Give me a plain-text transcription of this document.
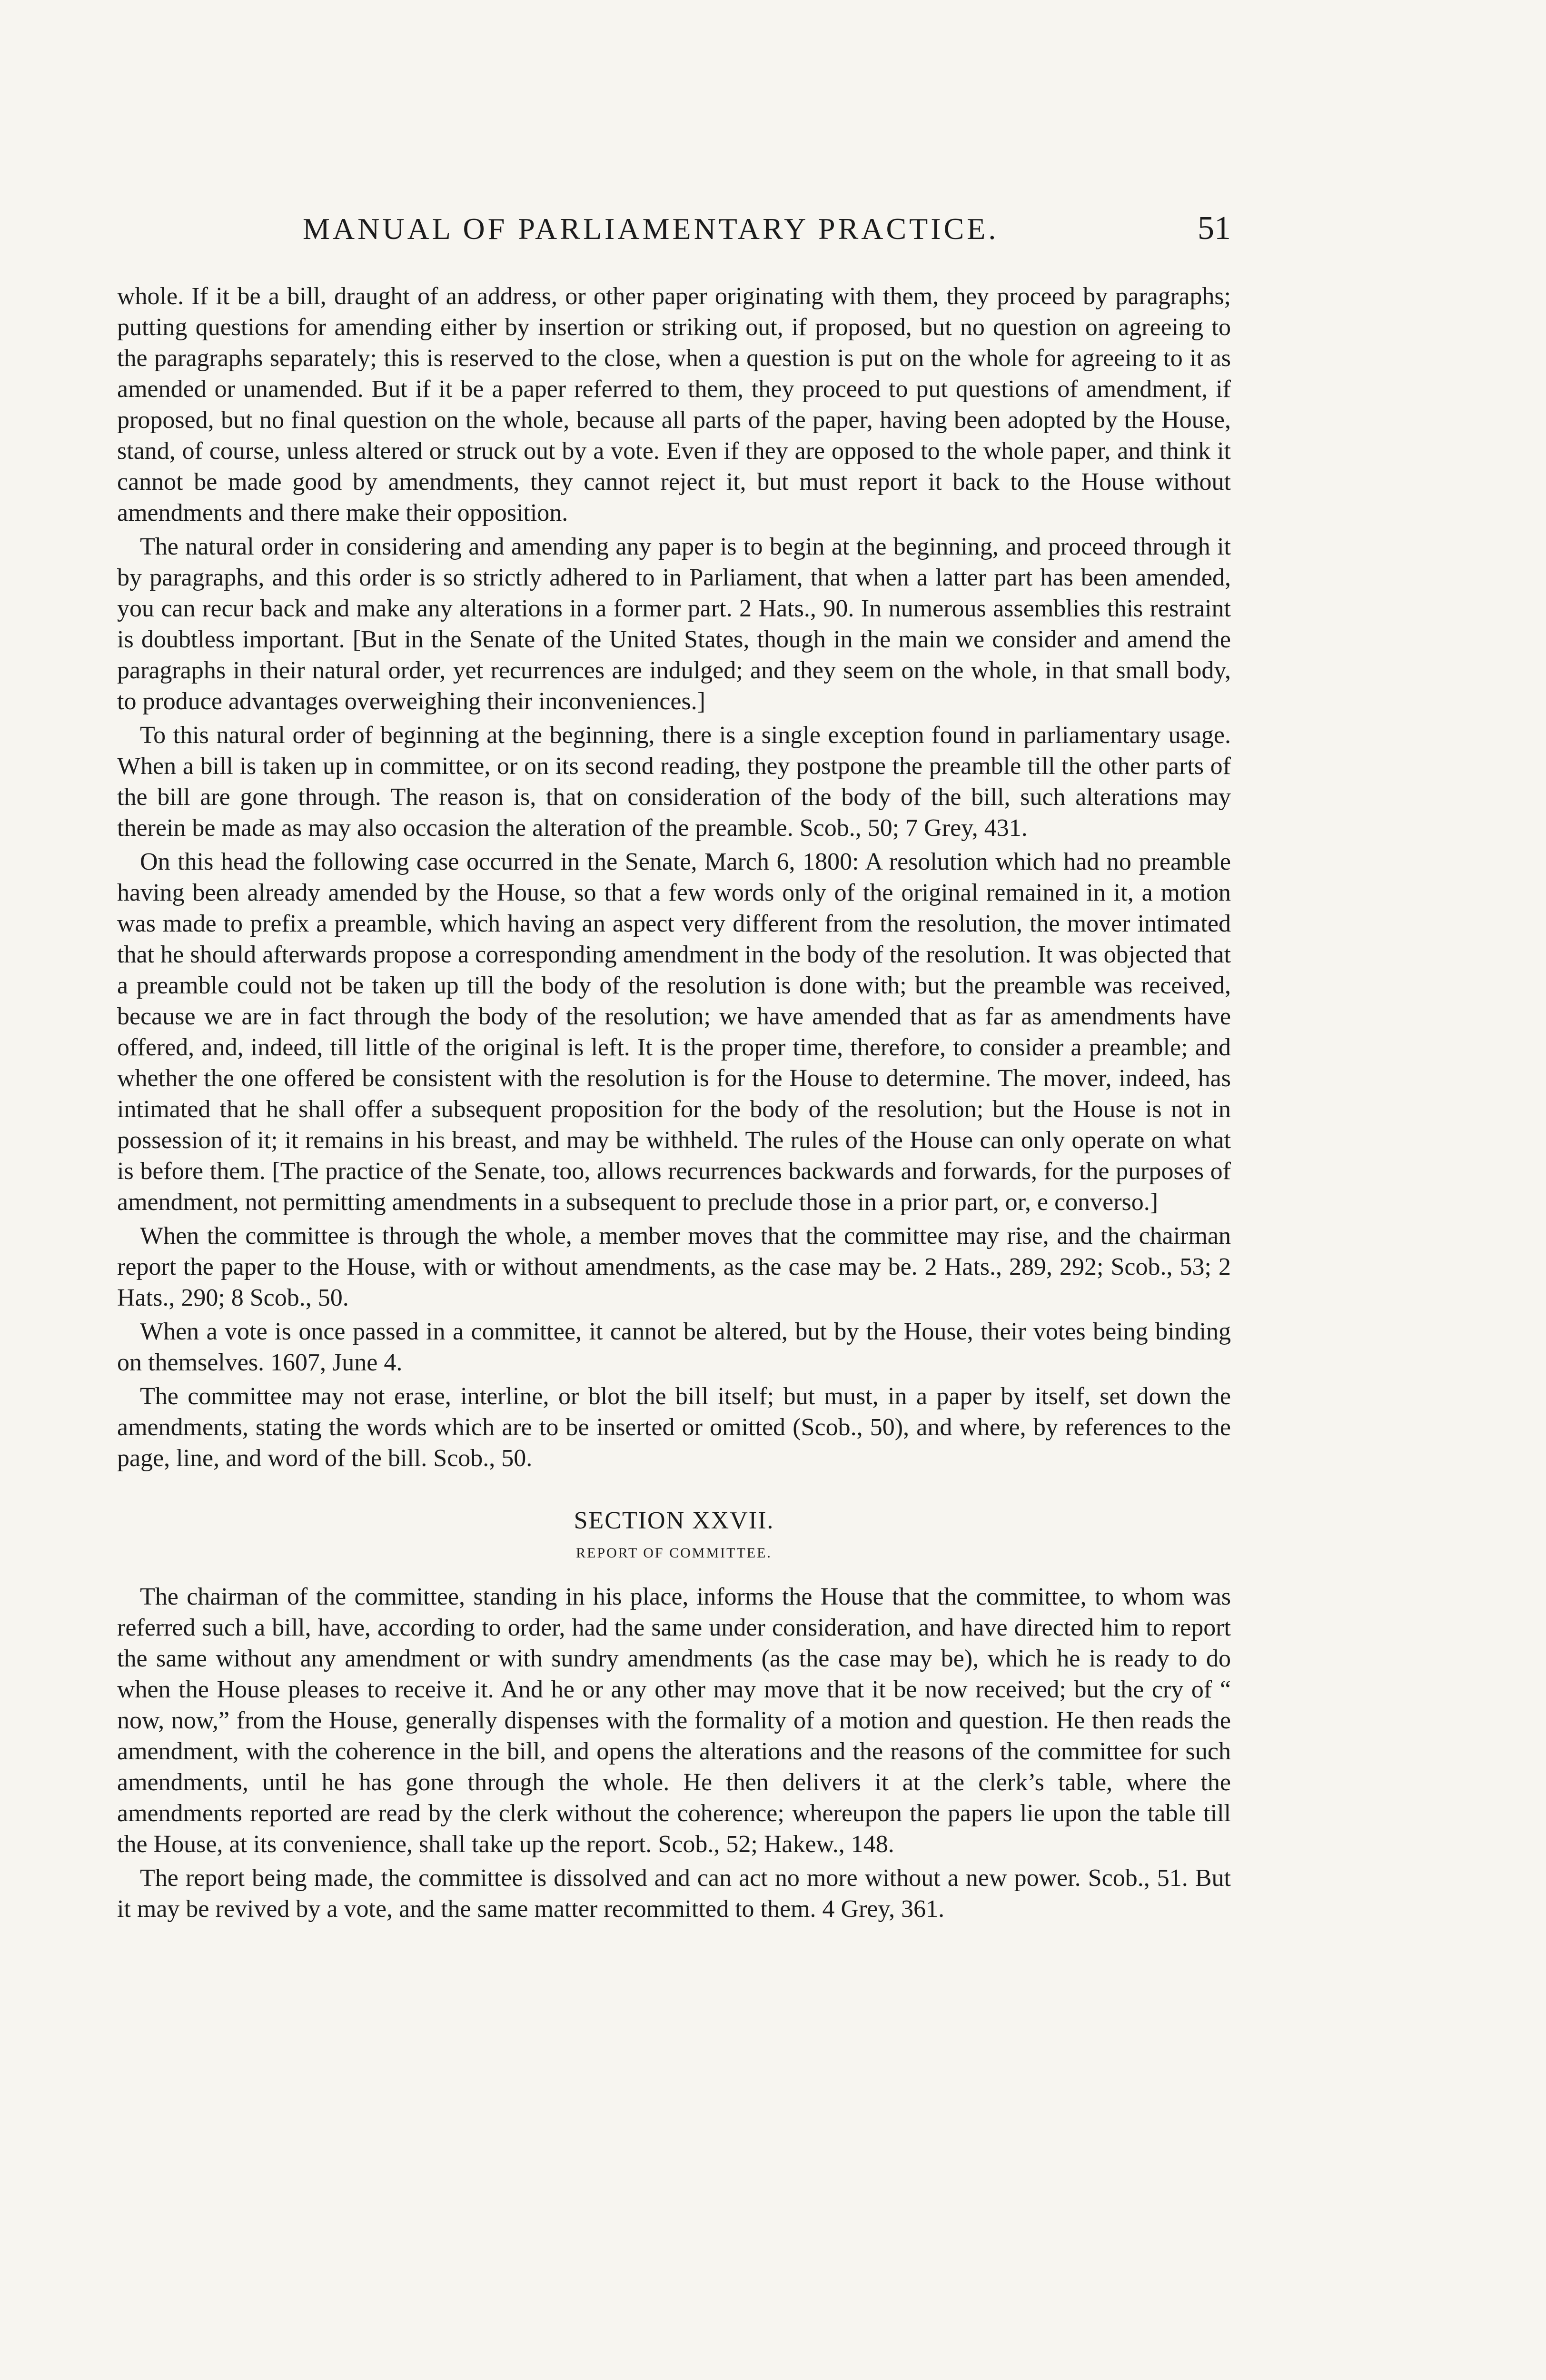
MANUAL OF PARLIAMENTARY PRACTICE.	51

whole. If it be a bill, draught of an address, or other paper originating with them, they proceed by paragraphs; putting questions for amending either by insertion or striking out, if proposed, but no question on agreeing to the paragraphs separately; this is reserved to the close, when a question is put on the whole for agreeing to it as amended or unamended. But if it be a paper referred to them, they proceed to put questions of amendment, if proposed, but no final question on the whole, because all parts of the paper, having been adopted by the House, stand, of course, unless altered or struck out by a vote. Even if they are opposed to the whole paper, and think it cannot be made good by amendments, they cannot reject it, but must report it back to the House without amendments and there make their opposition.

The natural order in considering and amending any paper is to begin at the beginning, and proceed through it by paragraphs, and this order is so strictly adhered to in Parliament, that when a latter part has been amended, you can recur back and make any alterations in a former part. 2 Hats., 90. In numerous assemblies this restraint is doubtless important. [But in the Senate of the United States, though in the main we consider and amend the paragraphs in their natural order, yet recurrences are indulged; and they seem on the whole, in that small body, to produce advantages overweighing their inconveniences.]

To this natural order of beginning at the beginning, there is a single exception found in parliamentary usage. When a bill is taken up in committee, or on its second reading, they postpone the preamble till the other parts of the bill are gone through. The reason is, that on consideration of the body of the bill, such alterations may therein be made as may also occasion the alteration of the preamble. Scob., 50; 7 Grey, 431.

On this head the following case occurred in the Senate, March 6, 1800: A resolution which had no preamble having been already amended by the House, so that a few words only of the original remained in it, a motion was made to prefix a preamble, which having an aspect very different from the resolution, the mover intimated that he should afterwards propose a corresponding amendment in the body of the resolution. It was objected that a preamble could not be taken up till the body of the resolution is done with; but the preamble was received, because we are in fact through the body of the resolution; we have amended that as far as amendments have offered, and, indeed, till little of the original is left. It is the proper time, therefore, to consider a preamble; and whether the one offered be consistent with the resolution is for the House to determine. The mover, indeed, has intimated that he shall offer a subsequent proposition for the body of the resolution; but the House is not in possession of it; it remains in his breast, and may be withheld. The rules of the House can only operate on what is before them. [The practice of the Senate, too, allows recurrences backwards and forwards, for the purposes of amendment, not permitting amendments in a subsequent to preclude those in a prior part, or, e converso.]

When the committee is through the whole, a member moves that the committee may rise, and the chairman report the paper to the House, with or without amendments, as the case may be. 2 Hats., 289, 292; Scob., 53; 2 Hats., 290; 8 Scob., 50.

When a vote is once passed in a committee, it cannot be altered, but by the House, their votes being binding on themselves. 1607, June 4.

The committee may not erase, interline, or blot the bill itself; but must, in a paper by itself, set down the amendments, stating the words which are to be inserted or omitted (Scob., 50), and where, by references to the page, line, and word of the bill. Scob., 50.

SECTION XXVII.
REPORT OF COMMITTEE.

The chairman of the committee, standing in his place, informs the House that the committee, to whom was referred such a bill, have, according to order, had the same under consideration, and have directed him to report the same without any amendment or with sundry amendments (as the case may be), which he is ready to do when the House pleases to receive it. And he or any other may move that it be now received; but the cry of “ now, now,” from the House, generally dispenses with the formality of a motion and question. He then reads the amendment, with the coherence in the bill, and opens the alterations and the reasons of the committee for such amendments, until he has gone through the whole. He then delivers it at the clerk’s table, where the amendments reported are read by the clerk without the coherence; whereupon the papers lie upon the table till the House, at its convenience, shall take up the report. Scob., 52; Hakew., 148.

The report being made, the committee is dissolved and can act no more without a new power. Scob., 51. But it may be revived by a vote, and the same matter recommitted to them. 4 Grey, 361.
